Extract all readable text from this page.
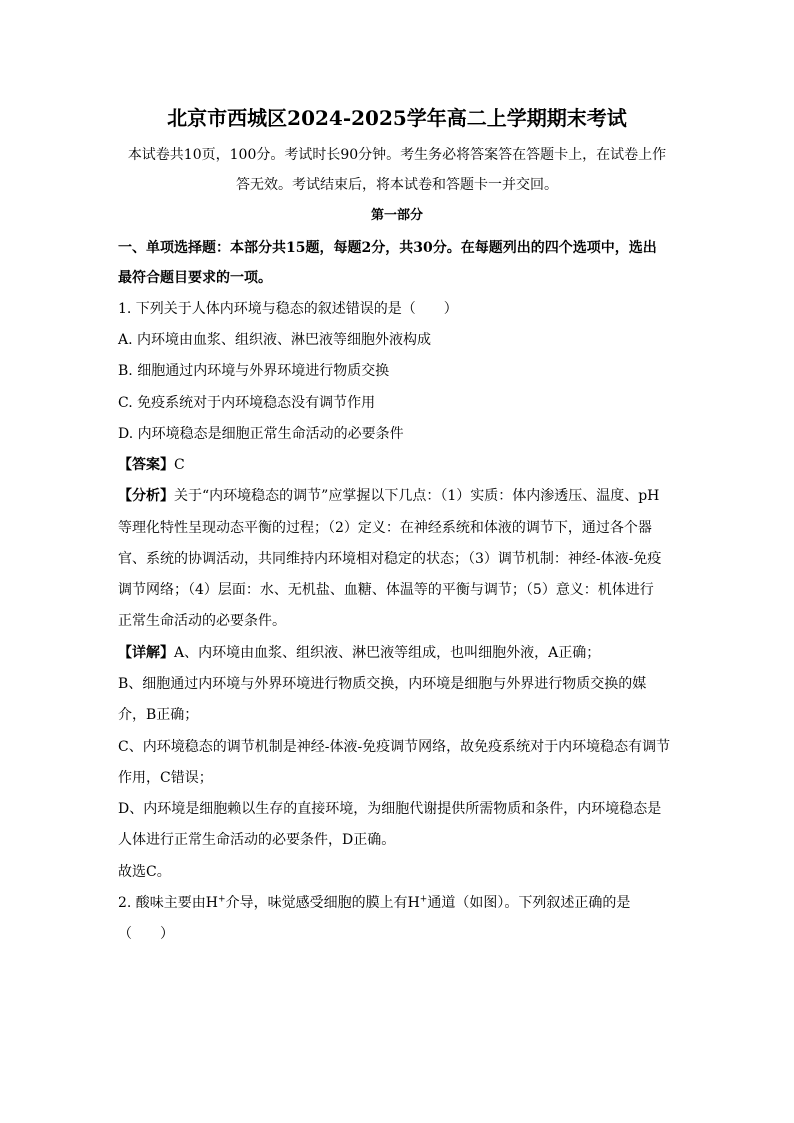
北京市西城区2024-2025学年高二上学期期末考试
本试卷共10页，100分。考试时长90分钟。考生务必将答案答在答题卡上，在试卷上作
答无效。考试结束后，将本试卷和答题卡一并交回。
第一部分
一、单项选择题：本部分共15题，每题2分，共30分。在每题列出的四个选项中，选出
最符合题目要求的一项。
1. 下列关于人体内环境与稳态的叙述错误的是（　　）
A. 内环境由血浆、组织液、淋巴液等细胞外液构成
B. 细胞通过内环境与外界环境进行物质交换
C. 免疫系统对于内环境稳态没有调节作用
D. 内环境稳态是细胞正常生命活动的必要条件
【答案】C
【分析】关于“内环境稳态的调节”应掌握以下几点：（1）实质：体内渗透压、温度、pH
等理化特性呈现动态平衡的过程；（2）定义：在神经系统和体液的调节下，通过各个器
官、系统的协调活动，共同维持内环境相对稳定的状态；（3）调节机制：神经-体液-免疫
调节网络；（4）层面：水、无机盐、血糖、体温等的平衡与调节；（5）意义：机体进行
正常生命活动的必要条件。
【详解】A、内环境由血浆、组织液、淋巴液等组成，也叫细胞外液，A正确；
B、细胞通过内环境与外界环境进行物质交换，内环境是细胞与外界进行物质交换的媒
介，B正确；
C、内环境稳态的调节机制是神经-体液-免疫调节网络，故免疫系统对于内环境稳态有调节
作用，C错误；
D、内环境是细胞赖以生存的直接环境，为细胞代谢提供所需物质和条件，内环境稳态是
人体进行正常生命活动的必要条件，D正确。
故选C。
2. 酸味主要由H+介导，味觉感受细胞的膜上有H+通道（如图）。下列叙述正确的是
（　　）
